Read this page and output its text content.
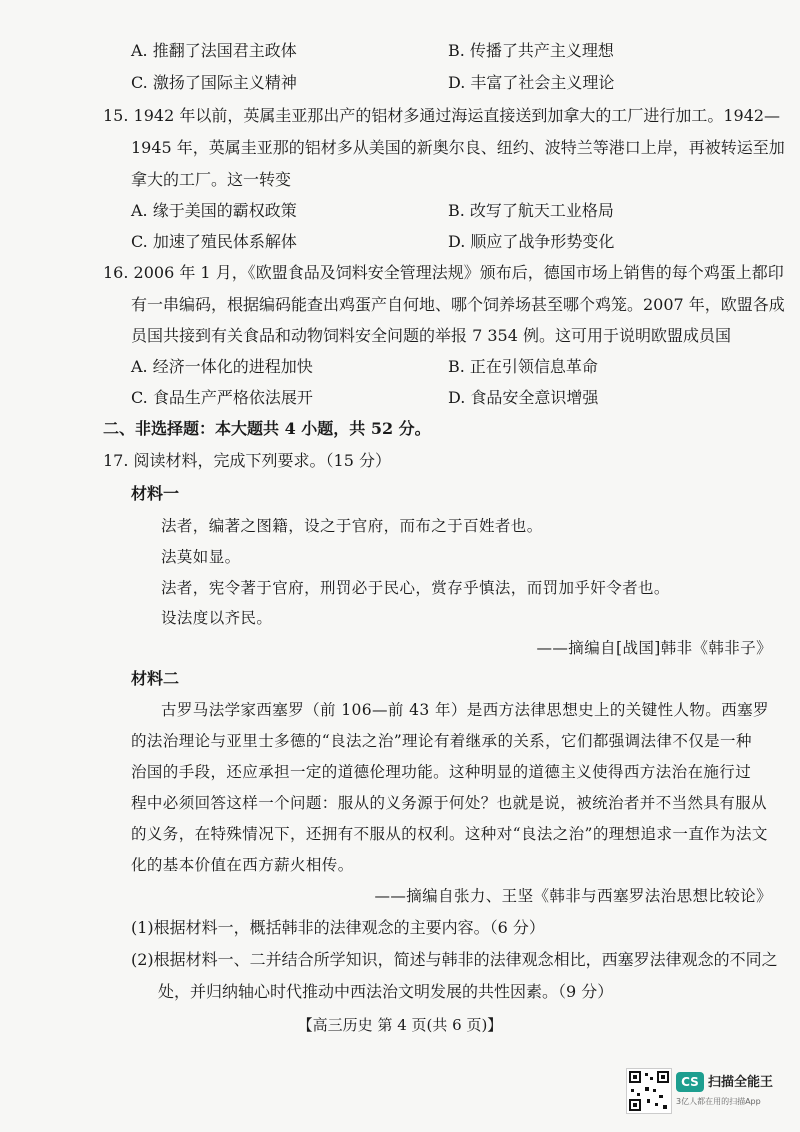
A. 推翻了法国君主政体	B. 传播了共产主义理想
C. 激扬了国际主义精神	D. 丰富了社会主义理论
15. 1942 年以前，英属圭亚那出产的铝材多通过海运直接送到加拿大的工厂进行加工。1942—
1945 年，英属圭亚那的铝材多从美国的新奥尔良、纽约、波特兰等港口上岸，再被转运至加
拿大的工厂。这一转变
A. 缘于美国的霸权政策	B. 改写了航天工业格局
C. 加速了殖民体系解体	D. 顺应了战争形势变化
16. 2006 年 1 月，《欧盟食品及饲料安全管理法规》颁布后，德国市场上销售的每个鸡蛋上都印
有一串编码，根据编码能查出鸡蛋产自何地、哪个饲养场甚至哪个鸡笼。2007 年，欧盟各成
员国共接到有关食品和动物饲料安全问题的举报 7 354 例。这可用于说明欧盟成员国
A. 经济一体化的进程加快	B. 正在引领信息革命
C. 食品生产严格依法展开	D. 食品安全意识增强
二、非选择题：本大题共 4 小题，共 52 分。
17. 阅读材料，完成下列要求。（15 分）
材料一
法者，编著之图籍，设之于官府，而布之于百姓者也。
法莫如显。
法者，宪令著于官府，刑罚必于民心，赏存乎慎法，而罚加乎奸令者也。
设法度以齐民。
——摘编自[战国]韩非《韩非子》
材料二
古罗马法学家西塞罗（前 106—前 43 年）是西方法律思想史上的关键性人物。西塞罗
的法治理论与亚里士多德的“良法之治”理论有着继承的关系，它们都强调法律不仅是一种
治国的手段，还应承担一定的道德伦理功能。这种明显的道德主义使得西方法治在施行过
程中必须回答这样一个问题：服从的义务源于何处？也就是说，被统治者并不当然具有服从
的义务，在特殊情况下，还拥有不服从的权利。这种对“良法之治”的理想追求一直作为法文
化的基本价值在西方薪火相传。
——摘编自张力、王坚《韩非与西塞罗法治思想比较论》
(1)根据材料一，概括韩非的法律观念的主要内容。（6 分）
(2)根据材料一、二并结合所学知识，简述与韩非的法律观念相比，西塞罗法律观念的不同之
处，并归纳轴心时代推动中西法治文明发展的共性因素。（9 分）
【高三历史 第 4 页(共 6 页)】
CS 扫描全能王
3亿人都在用的扫描App
